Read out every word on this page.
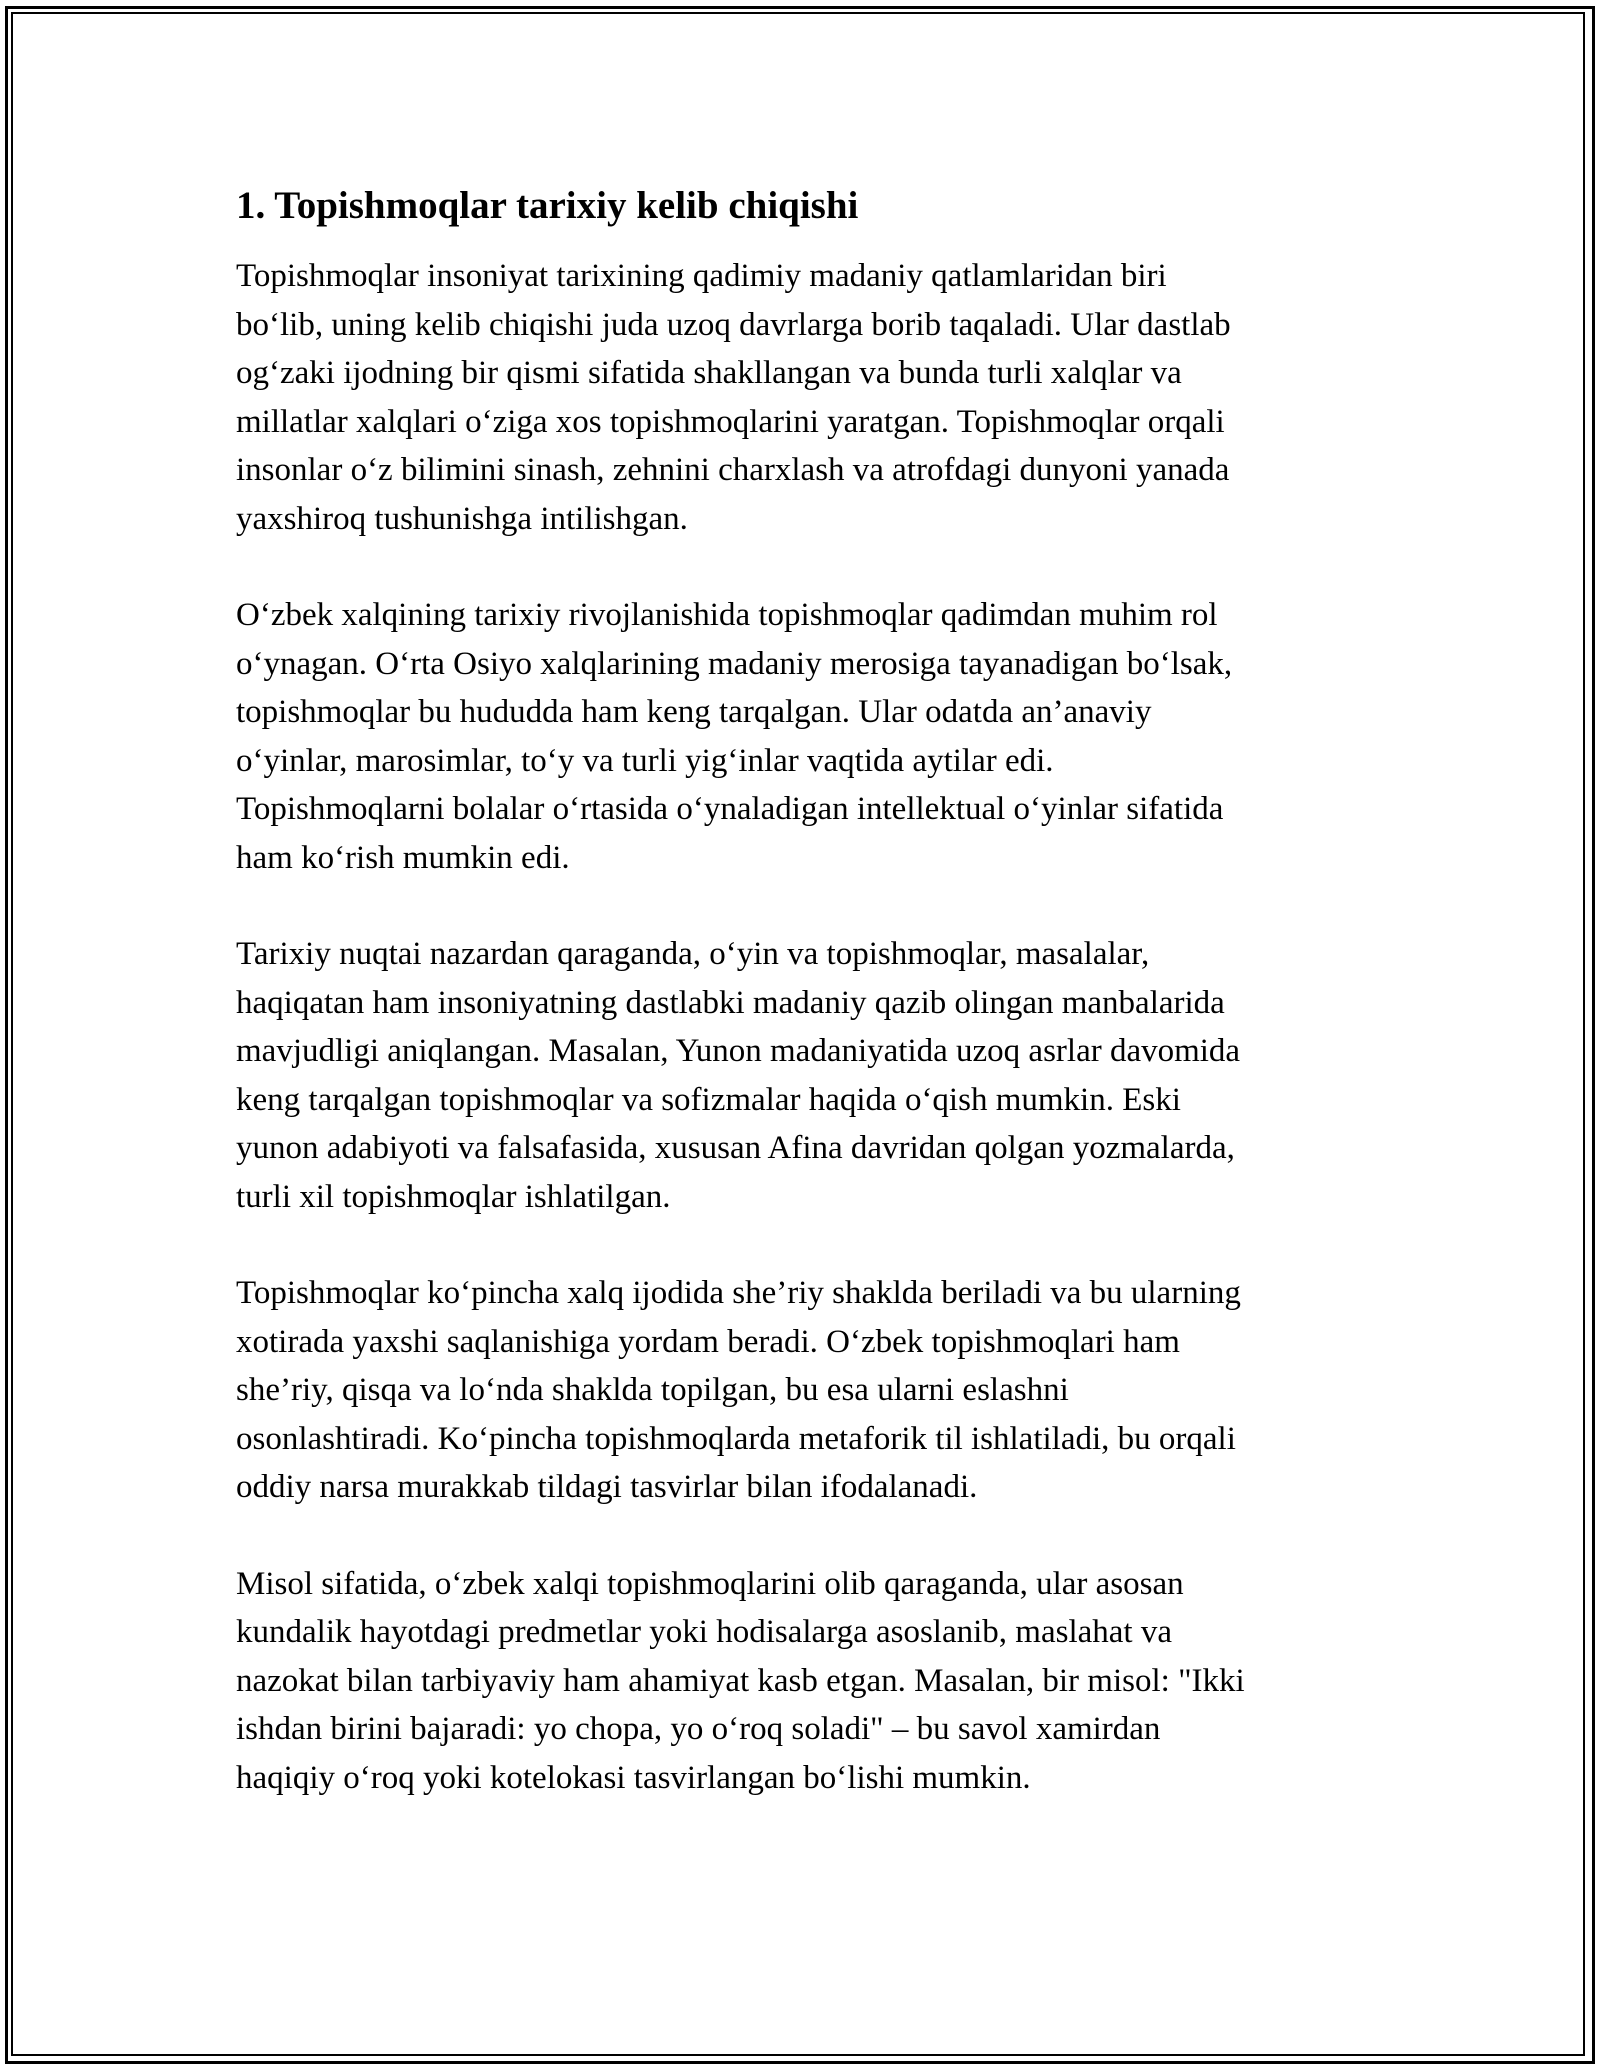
1. Topishmoqlar tarixiy kelib chiqishi
Topishmoqlar insoniyat tarixining qadimiy madaniy qatlamlaridan biri
bo‘lib, uning kelib chiqishi juda uzoq davrlarga borib taqaladi. Ular dastlab
og‘zaki ijodning bir qismi sifatida shakllangan va bunda turli xalqlar va
millatlar xalqlari o‘ziga xos topishmoqlarini yaratgan. Topishmoqlar orqali
insonlar o‘z bilimini sinash, zehnini charxlash va atrofdagi dunyoni yanada
yaxshiroq tushunishga intilishgan.
O‘zbek xalqining tarixiy rivojlanishida topishmoqlar qadimdan muhim rol
o‘ynagan. O‘rta Osiyo xalqlarining madaniy merosiga tayanadigan bo‘lsak,
topishmoqlar bu hududda ham keng tarqalgan. Ular odatda an’anaviy
o‘yinlar, marosimlar, to‘y va turli yig‘inlar vaqtida aytilar edi.
Topishmoqlarni bolalar o‘rtasida o‘ynaladigan intellektual o‘yinlar sifatida
ham ko‘rish mumkin edi.
Tarixiy nuqtai nazardan qaraganda, o‘yin va topishmoqlar, masalalar,
haqiqatan ham insoniyatning dastlabki madaniy qazib olingan manbalarida
mavjudligi aniqlangan. Masalan, Yunon madaniyatida uzoq asrlar davomida
keng tarqalgan topishmoqlar va sofizmalar haqida o‘qish mumkin. Eski
yunon adabiyoti va falsafasida, xususan Afina davridan qolgan yozmalarda,
turli xil topishmoqlar ishlatilgan.
Topishmoqlar ko‘pincha xalq ijodida she’riy shaklda beriladi va bu ularning
xotirada yaxshi saqlanishiga yordam beradi. O‘zbek topishmoqlari ham
she’riy, qisqa va lo‘nda shaklda topilgan, bu esa ularni eslashni
osonlashtiradi. Ko‘pincha topishmoqlarda metaforik til ishlatiladi, bu orqali
oddiy narsa murakkab tildagi tasvirlar bilan ifodalanadi.
Misol sifatida, o‘zbek xalqi topishmoqlarini olib qaraganda, ular asosan
kundalik hayotdagi predmetlar yoki hodisalarga asoslanib, maslahat va
nazokat bilan tarbiyaviy ham ahamiyat kasb etgan. Masalan, bir misol: "Ikki
ishdan birini bajaradi: yo chopa, yo o‘roq soladi" – bu savol xamirdan
haqiqiy o‘roq yoki kotelokasi tasvirlangan bo‘lishi mumkin.
